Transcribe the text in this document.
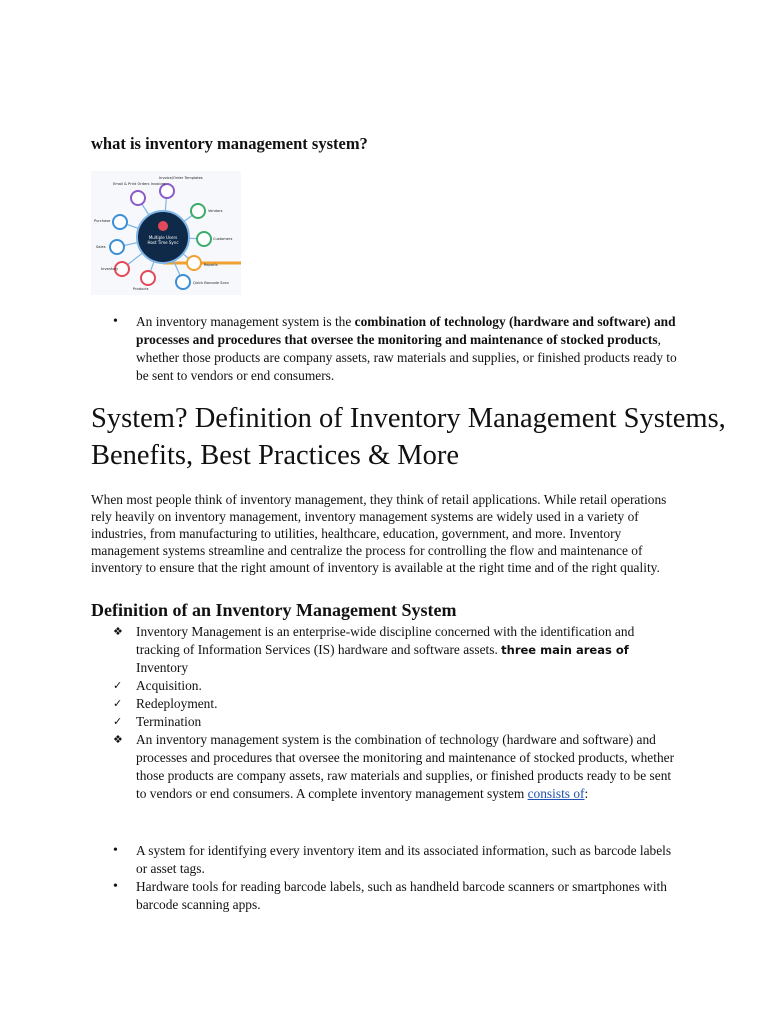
what is inventory management system?
Multiple Users
Host Time Sync
Email & Print Orders Invoices
Invoice/Order Templates
Vendors
Purchase
Customers
Sales
Reports
Inventory
Products
Quick Barcode Scan
• An inventory management system is the combination of technology (hardware and software) and processes and procedures that oversee the monitoring and maintenance of stocked products, whether those products are company assets, raw materials and supplies, or finished products ready to be sent to vendors or end consumers.
System? Definition of Inventory Management Systems, Benefits, Best Practices & More

When most people think of inventory management, they think of retail applications. While retail operations rely heavily on inventory management, inventory management systems are widely used in a variety of industries, from manufacturing to utilities, healthcare, education, government, and more. Inventory management systems streamline and centralize the process for controlling the flow and maintenance of inventory to ensure that the right amount of inventory is available at the right time and of the right quality.

Definition of an Inventory Management System
❖ Inventory Management is an enterprise-wide discipline concerned with the identification and tracking of Information Services (IS) hardware and software assets. three main areas of
Inventory
✓ Acquisition.
✓ Redeployment.
✓ Termination
❖ An inventory management system is the combination of technology (hardware and software) and processes and procedures that oversee the monitoring and maintenance of stocked products, whether those products are company assets, raw materials and supplies, or finished products ready to be sent to vendors or end consumers. A complete inventory management system consists of:
• A system for identifying every inventory item and its associated information, such as barcode labels or asset tags.
• Hardware tools for reading barcode labels, such as handheld barcode scanners or smartphones with barcode scanning apps.
